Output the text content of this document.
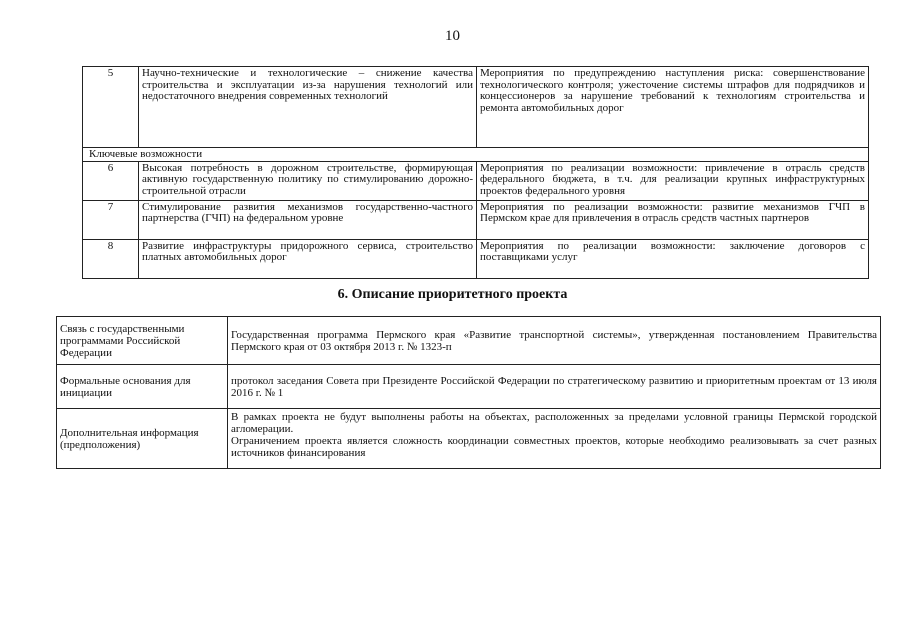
10
5	Научно-технические и технологические – снижение качества строительства и эксплуатации из-за нарушения технологий или недостаточного внедрения современных технологий	Мероприятия по предупреждению наступления риска: совершенствование технологического контроля; ужесточение системы штрафов для подрядчиков и концессионеров за нарушение требований к технологиям строительства и ремонта автомобильных дорог
Ключевые возможности		
6	Высокая потребность в дорожном строительстве, формирующая активную государственную политику по стимулированию дорожно-строительной отрасли	Мероприятия по реализации возможности: привлечение в отрасль средств федерального бюджета, в т.ч. для реализации крупных инфраструктурных проектов федерального уровня
7	Стимулирование развития механизмов государственно-частного партнерства (ГЧП) на федеральном уровне	Мероприятия по реализации возможности: развитие механизмов ГЧП в Пермском крае для привлечения в отрасль средств частных партнеров
8	Развитие инфраструктуры придорожного сервиса, строительство платных автомобильных дорог	Мероприятия по реализации возможности: заключение договоров с поставщиками услуг
6. Описание приоритетного проекта
Связь с государственными программами Российской Федерации	Государственная программа Пермского края «Развитие транспортной системы», утвержденная постановлением Правительства Пермского края от 03 октября 2013 г. № 1323-п
Формальные основания для инициации	протокол заседания Совета при Президенте Российской Федерации по стратегическому развитию и приоритетным проектам от 13 июля 2016 г. № 1
Дополнительная информация (предположения)	В рамках проекта не будут выполнены работы на объектах, расположенных за пределами условной границы Пермской городской агломерации.
Ограничением проекта является сложность координации совместных проектов, которые необходимо реализовывать за счет разных источников финансирования
